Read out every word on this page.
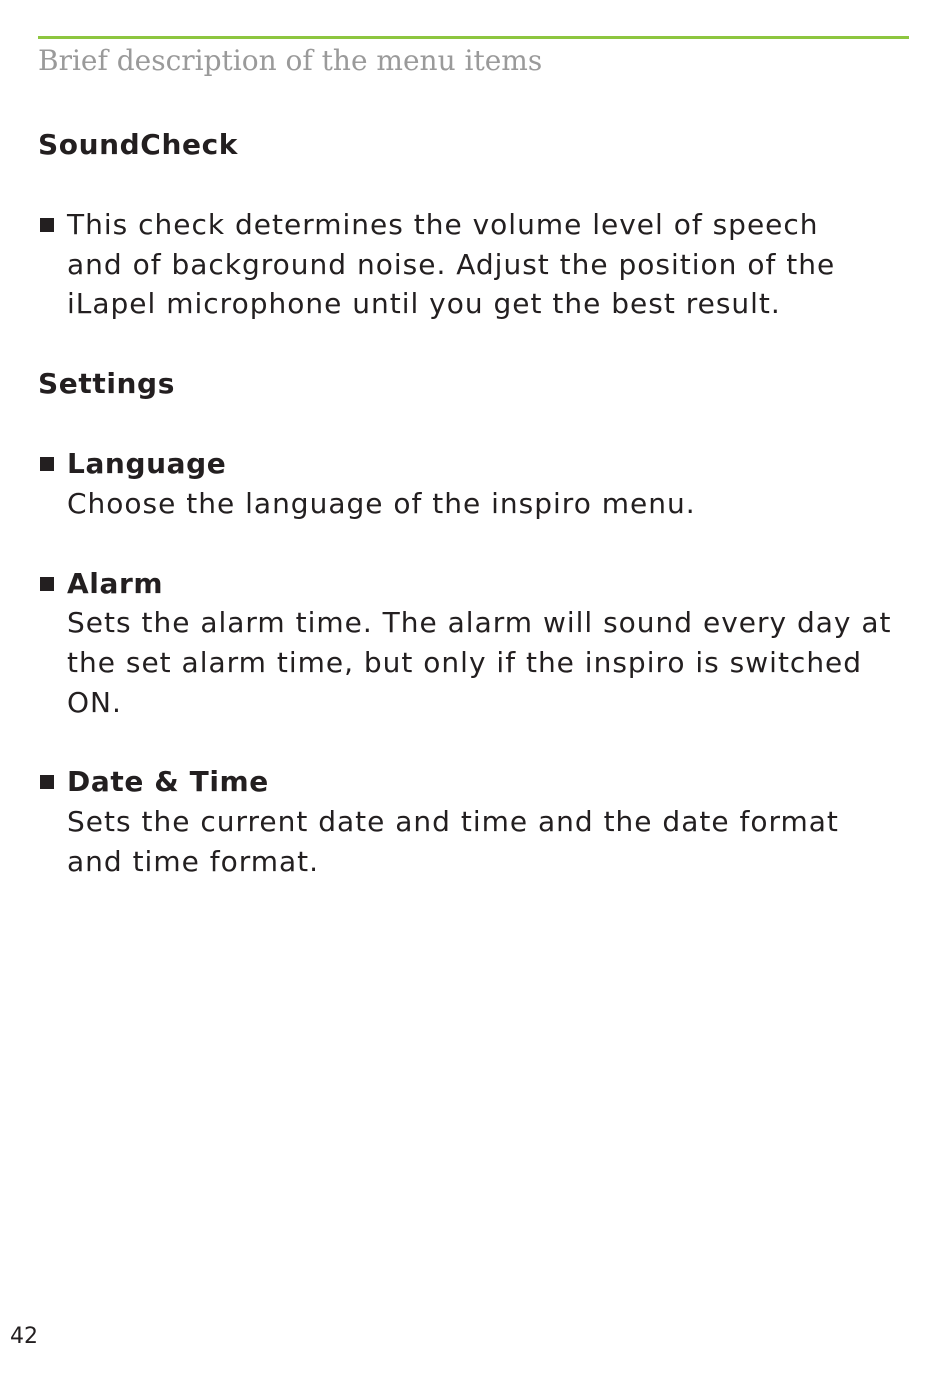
Brief description of the menu items
SoundCheck
This check determines the volume level of speech and of background noise. Adjust the position of the iLapel microphone until you get the best result.
Settings
Language
Choose the language of the inspiro menu.
Alarm
Sets the alarm time. The alarm will sound every day at the set alarm time, but only if the inspiro is switched ON.
Date & Time
Sets the current date and time and the date format and time format.
42
